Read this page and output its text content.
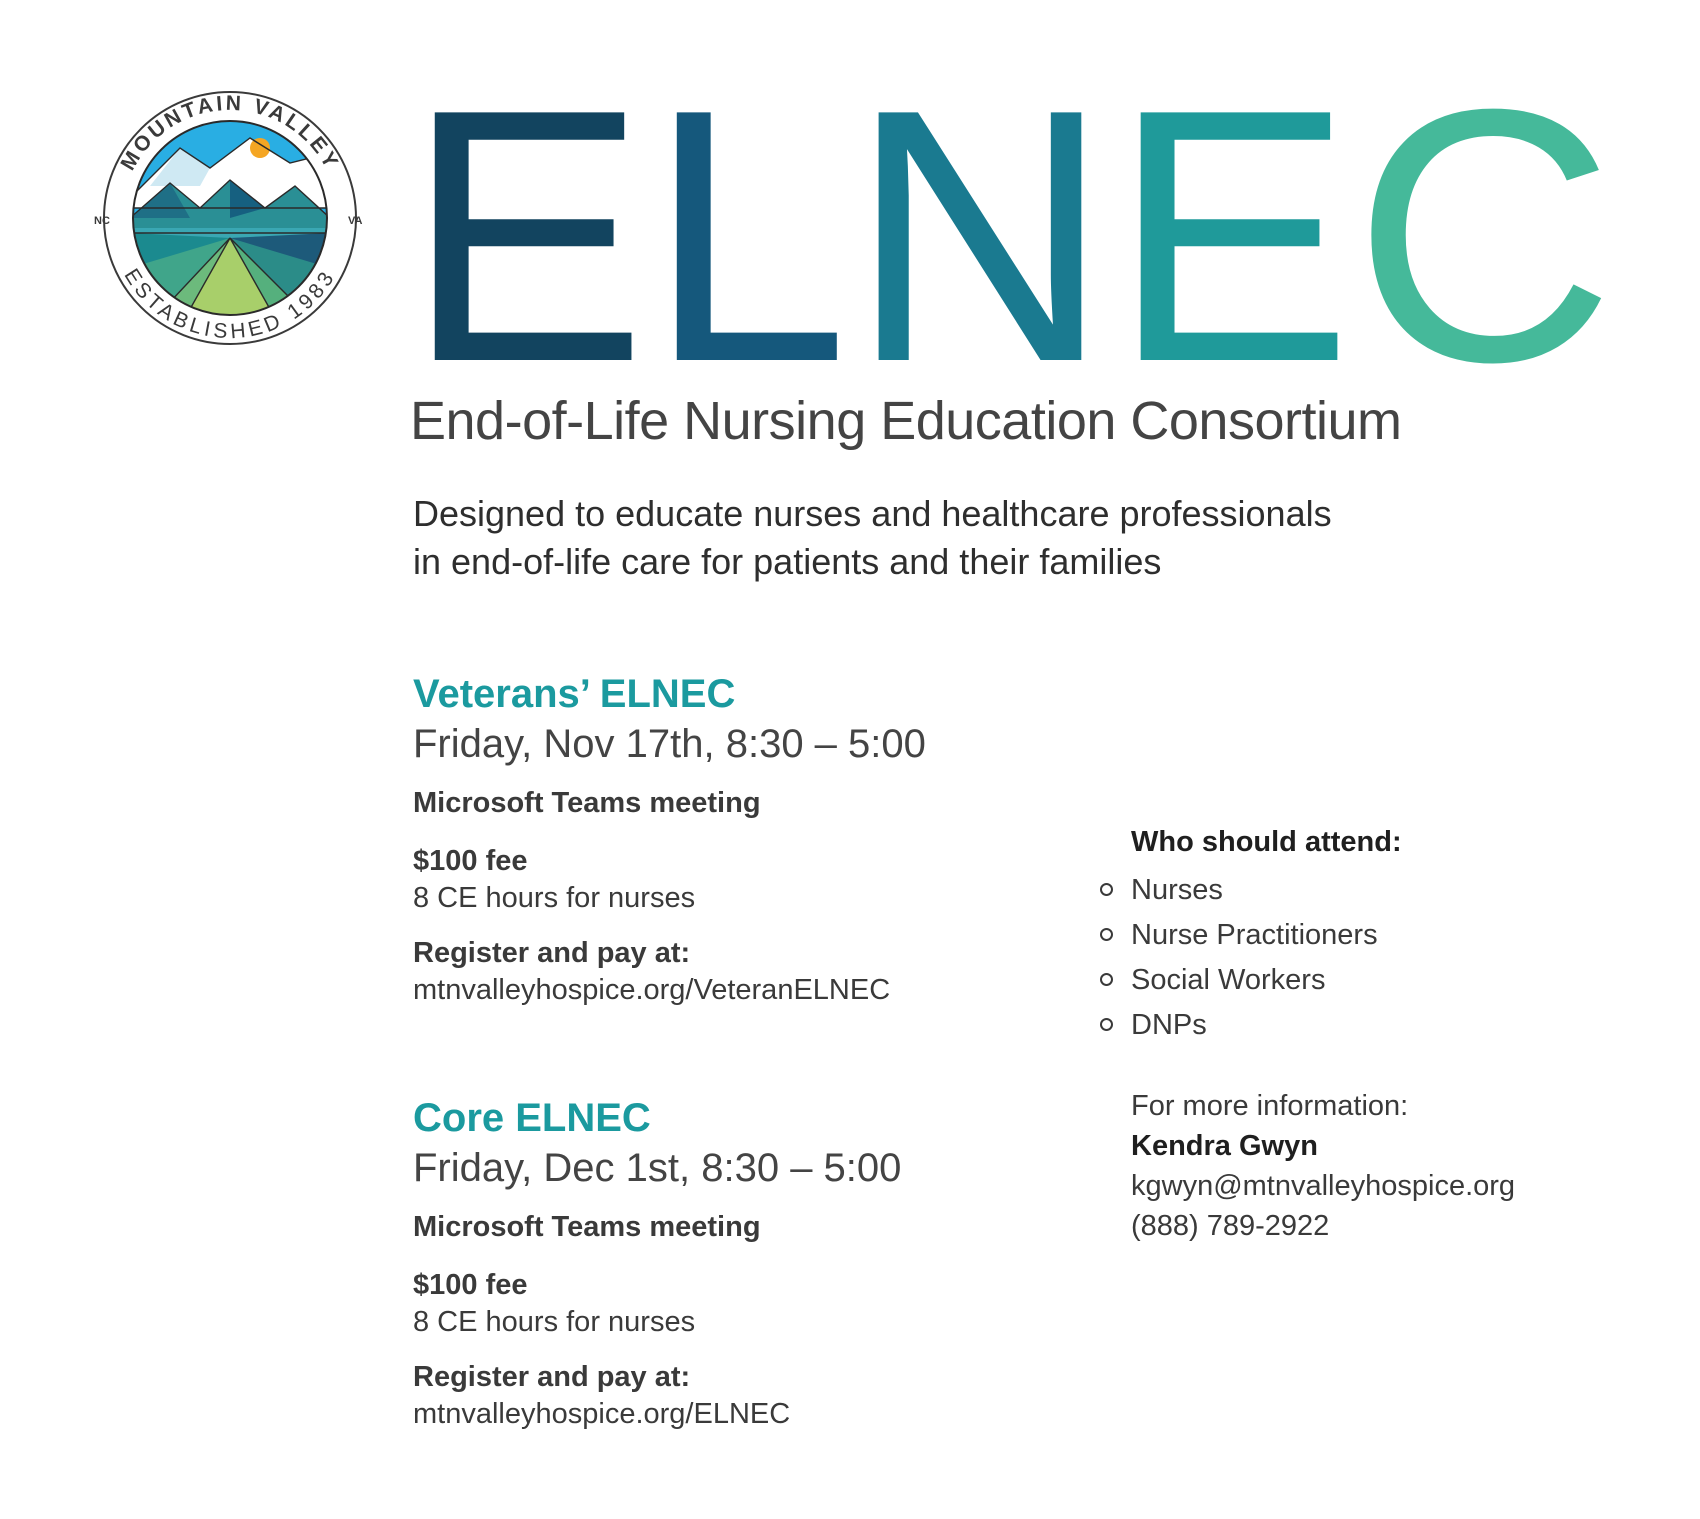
MOUNTAIN VALLEY
ESTABLISHED 1983
NC	VA ELNEC
End-of-Life Nursing Education Consortium
Designed to educate nurses and healthcare professionals
in end-of-life care for patients and their families

Veterans’ ELNEC

Friday, Nov 17th, 8:30 – 5:00

Microsoft Teams meeting

$100 fee

8 CE hours for nurses

Register and pay at:

mtnvalleyhospice.org/VeteranELNEC

Core ELNEC

Friday, Dec 1st, 8:30 – 5:00

Microsoft Teams meeting

$100 fee

8 CE hours for nurses

Register and pay at:

mtnvalleyhospice.org/ELNEC

Who should attend:

Nurses
Nurse Practitioners
Social Workers
DNPs

For more information:

Kendra Gwyn

kgwyn@mtnvalleyhospice.org

(888) 789-2922
